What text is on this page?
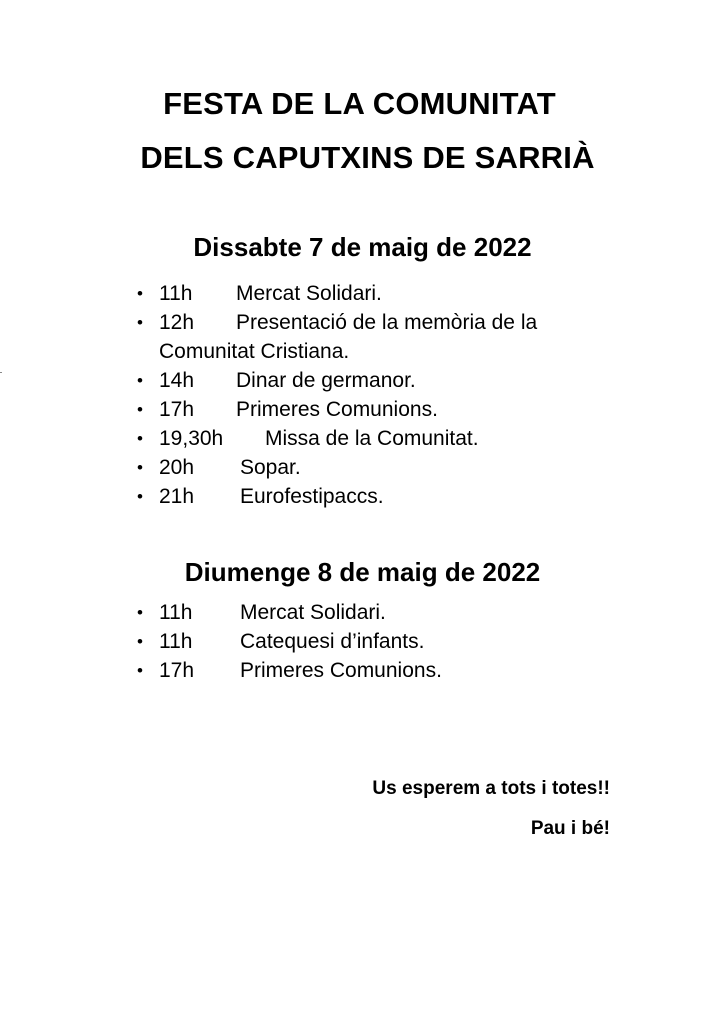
FESTA DE LA COMUNITAT
DELS CAPUTXINS DE SARRIÀ
Dissabte 7 de maig de 2022
• 11h Mercat Solidari.
• 12h Presentació de la memòria de la
Comunitat Cristiana.
• 14h Dinar de germanor.
• 17h Primeres Comunions.
• 19,30h Missa de la Comunitat.
• 20h Sopar.
• 21h Eurofestipaccs.
Diumenge 8 de maig de 2022
• 11h Mercat Solidari.
• 11h Catequesi d’infants.
• 17h Primeres Comunions.
Us esperem a tots i totes!!
Pau i bé!
